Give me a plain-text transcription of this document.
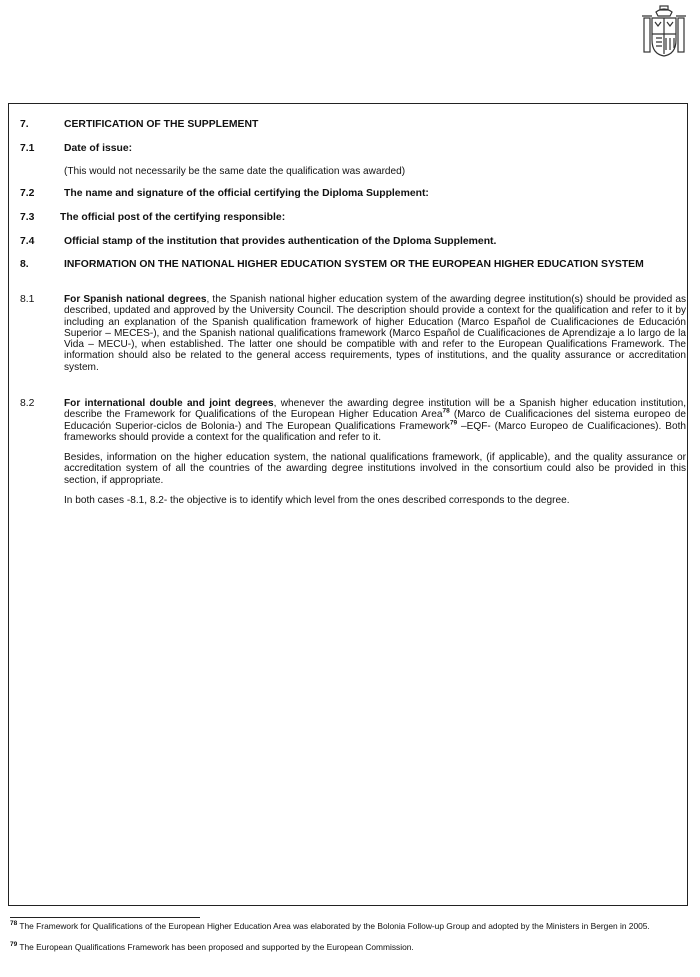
7.	CERTIFICATION OF THE SUPPLEMENT
7.1	Date of issue:
(This would not necessarily be the same date the qualification was awarded)
7.2	The name and signature of the official certifying the Diploma Supplement:
7.3 The official post of the certifying responsible:
7.4	Official stamp of the institution that provides authentication of the Dploma Supplement.
8.	INFORMATION ON THE NATIONAL HIGHER EDUCATION SYSTEM OR THE EUROPEAN HIGHER EDUCATION SYSTEM
8.1	For Spanish national degrees, the Spanish national higher education system of the awarding degree institution(s) should be provided as described, updated and approved by the University Council. The description should provide a context for the qualification and refer to it by including an explanation of the Spanish qualification framework of higher Education (Marco Español de Cualificaciones de Educación Superior – MECES-), and the Spanish national qualifications framework (Marco Español de Cualificaciones de Aprendizaje a lo largo de la Vida – MECU-), when established. The latter one should be compatible with and refer to the European Qualifications Framework. The information should also be related to the general access requirements, types of institutions, and the quality assurance or accreditation system.
8.2	For international double and joint degrees, whenever the awarding degree institution will be a Spanish higher education institution, describe the Framework for Qualifications of the European Higher Education Area$^{78}$ (Marco de Cualificaciones del sistema europeo de Educación Superior-ciclos de Bolonia-) and The European Qualifications Framework$^{79}$ –EQF- (Marco Europeo de Cualificaciones). Both frameworks should provide a context for the qualification and refer to it.
Besides, information on the higher education system, the national qualifications framework, (if applicable), and the quality assurance or accreditation system of all the countries of the awarding degree institutions involved in the consortium could also be provided in this section, if appropriate.
In both cases -8.1, 8.2- the objective is to identify which level from the ones described corresponds to the degree.
$^{78}$ The Framework for Qualifications of the European Higher Education Area was elaborated by the Bolonia Follow-up Group and adopted by the Ministers in Bergen in 2005.
$^{79}$ The European Qualifications Framework has been proposed and supported by the European Commission.
